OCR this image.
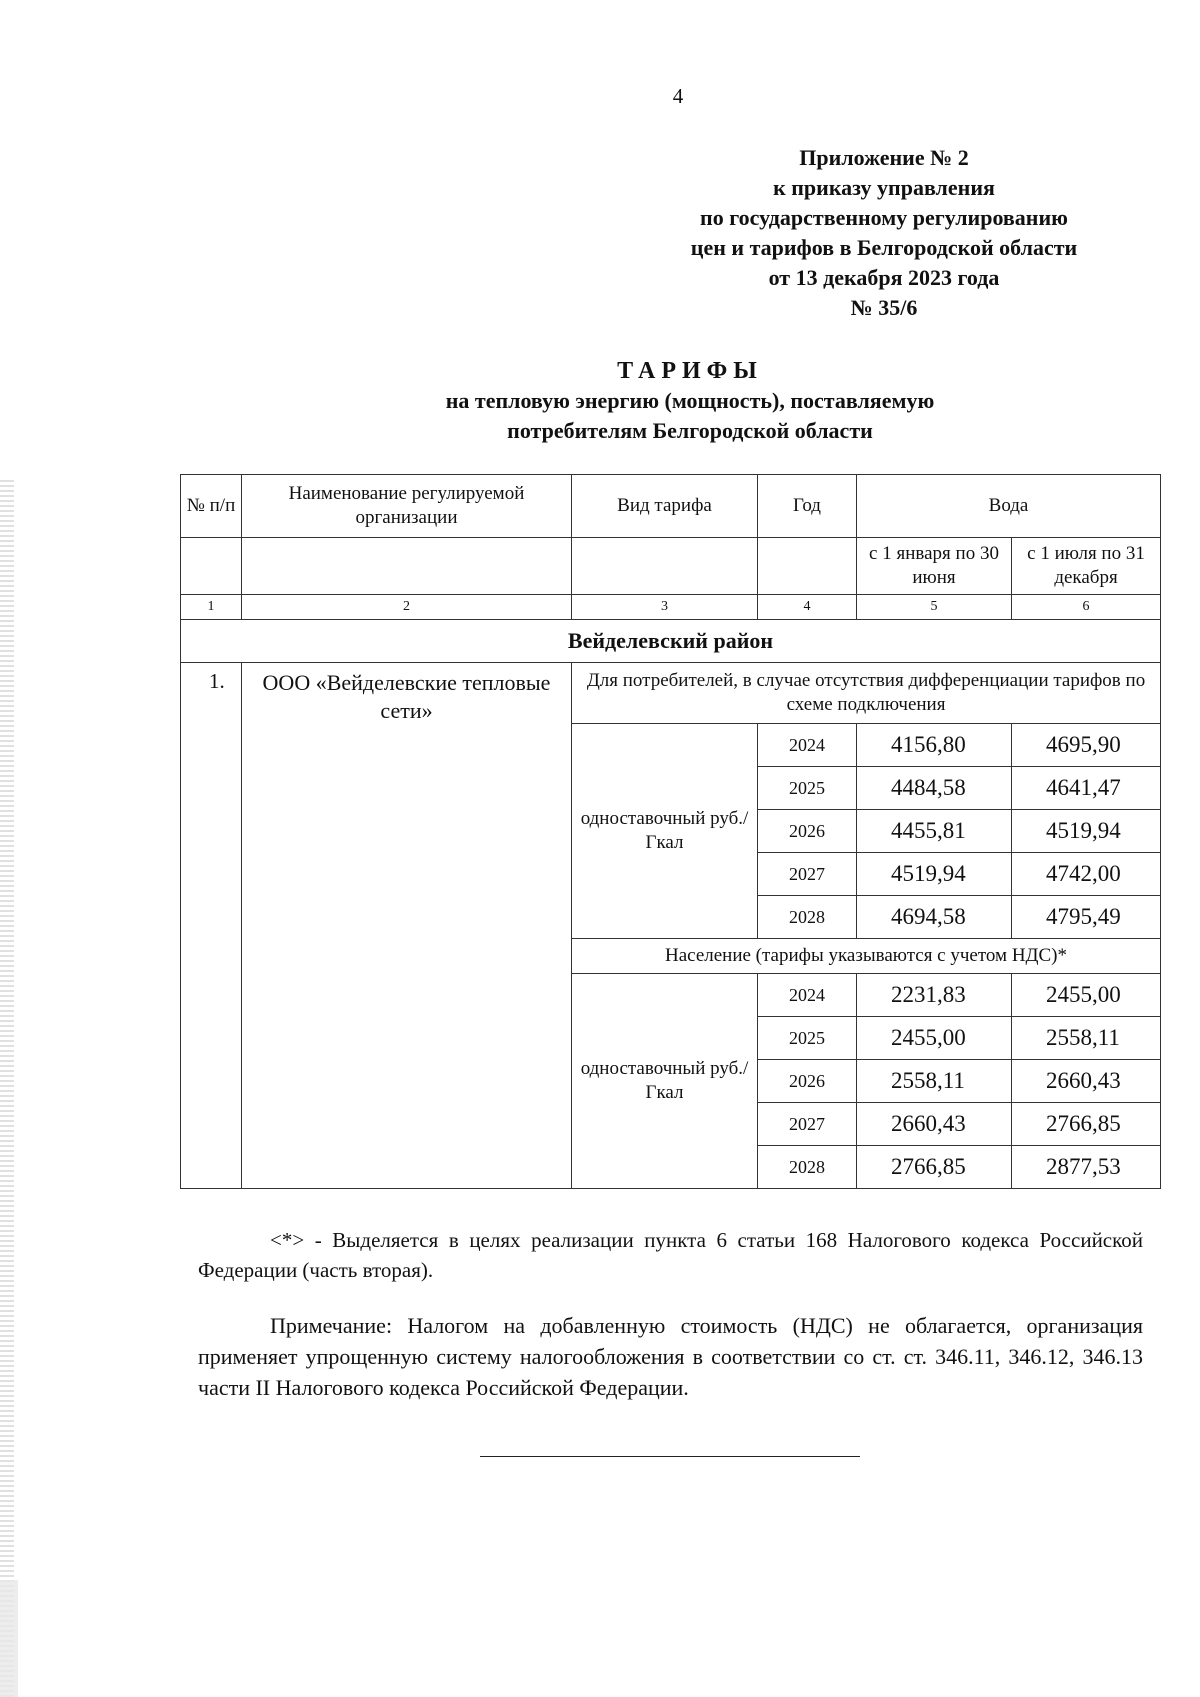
4
Приложение № 2
к приказу управления
по государственному регулированию
цен и тарифов в Белгородской области
от 13 декабря 2023 года
№ 35/6
ТАРИФЫ
на тепловую энергию (мощность), поставляемую
потребителям Белгородской области
№ п/п	Наименование регулируемой организации	Вид тарифа	Год	Вода	
				с 1 января по 30 июня	с 1 июля по 31 декабря
1	2	3	4	5	6
Вейделевский район					
1.	ООО «Вейделевские тепловые сети»	Для потребителей, в случае отсутствия дифференциации тарифов по схеме подключения			
		одноставочный руб./Гкал	2024	4156,80	4695,90
			2025	4484,58	4641,47
			2026	4455,81	4519,94
			2027	4519,94	4742,00
			2028	4694,58	4795,49
		Население (тарифы указываются с учетом НДС)*			
		одноставочный руб./Гкал	2024	2231,83	2455,00
			2025	2455,00	2558,11
			2026	2558,11	2660,43
			2027	2660,43	2766,85
			2028	2766,85	2877,53
<*> - Выделяется в целях реализации пункта 6 статьи 168 Налогового кодекса Российской Федерации (часть вторая).
Примечание: Налогом на добавленную стоимость (НДС) не облагается, организация применяет упрощенную систему налогообложения в соответствии со ст. ст. 346.11, 346.12, 346.13 части II Налогового кодекса Российской Федерации.
